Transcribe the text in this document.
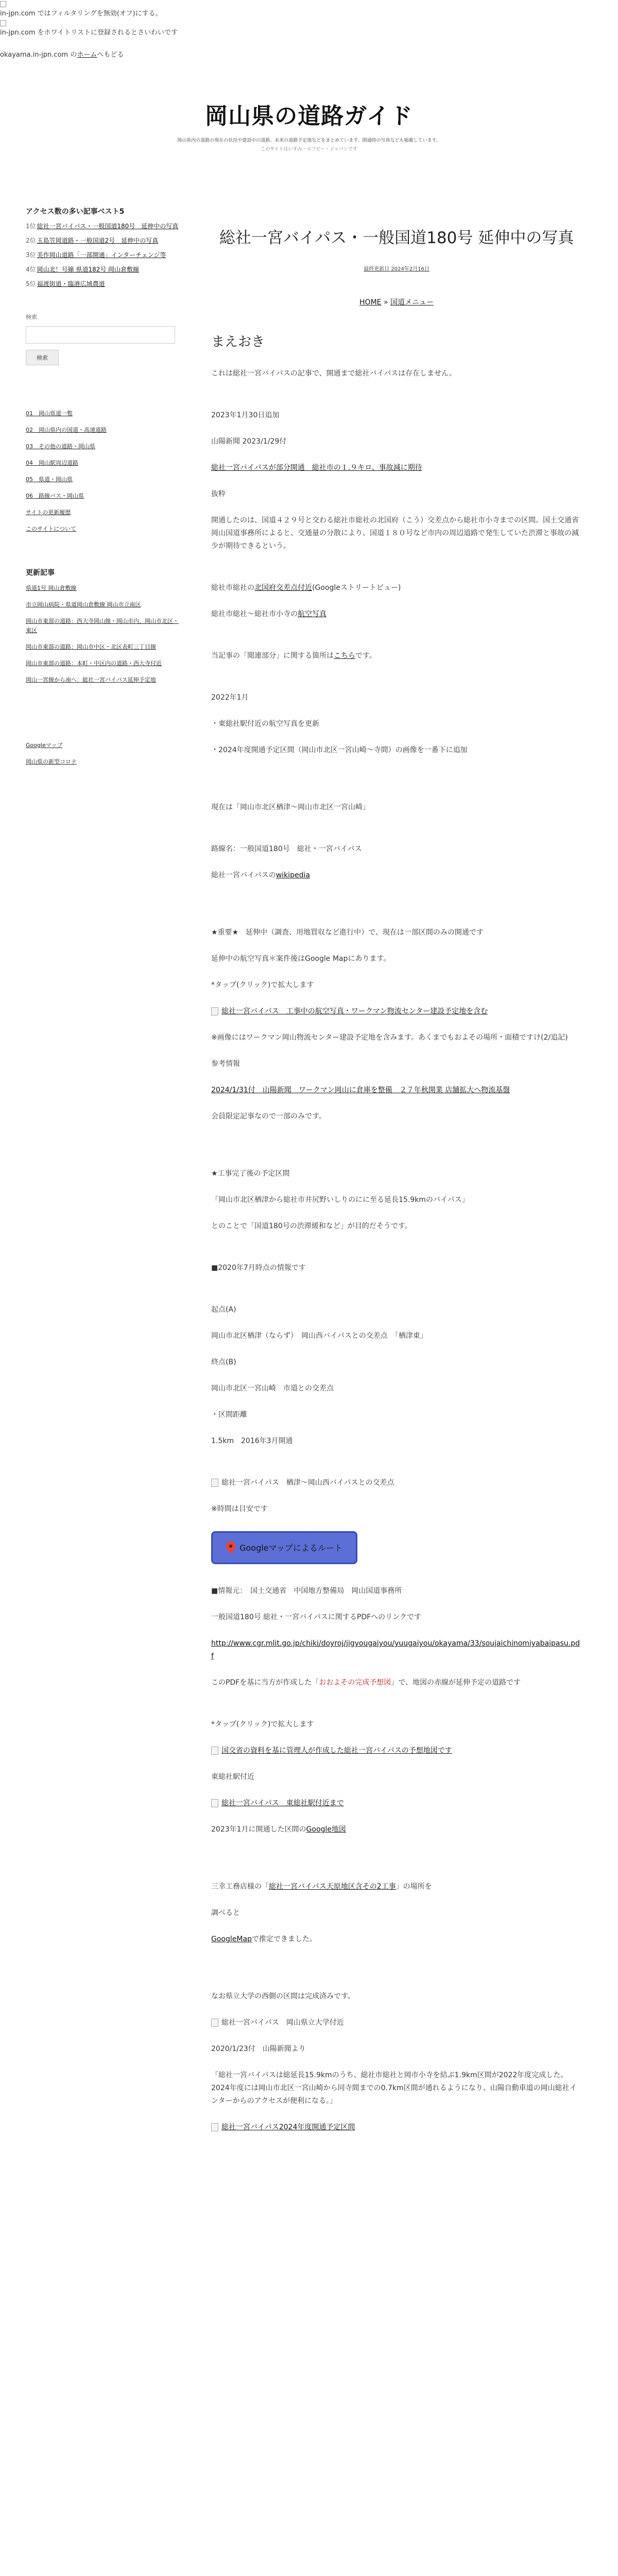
in-jpn.com ではフィルタリングを無効(オフ)にする。
in-jpn.com をホワイトリストに登録されるとさいわいです
okayama.in-jpn.com のホームへもどる
岡山県の道路ガイド
岡山県内の道路の現在の状況や建設中の道路、未来の道路予定地などをまとめています。開通時の写真なども掲載しています。
このサイトはいすみ・エフビー・ジャパンです
アクセス数の多い記事ベスト5
1位 総社一宮バイパス・一般国道180号　延伸中の写真
2位 玉島笠岡道路・一般国道2号　延伸中の写真
3位 美作岡山道路「一部開通」インターチェンジ等
4位 岡山北！号線 県道182号 岡山倉敷線
5位 福渡街道・臨港広域農道
検索

検索
01　岡山県道一覧
02　岡山県内の国道・高速道路
03　その他の道路・岡山県
04　岡山駅周辺道路
05　県道・岡山県
06　路線バス・岡山県
サイトの更新履歴
このサイトについて
更新記事
県道1号 岡山倉敷線
市立岡山病院・県道岡山倉敷線 岡山市立南区
岡山市東部の道路：西大寺岡山線・岡山市内、岡山市北区・東区
岡山市東部の道路：岡山市中区・北区表町三丁目線
岡山市東部の道路：本町・中区内の道路・西大寺付近
岡山一宮線から南へ：総社一宮バイパス延伸予定地
Googleマップ
岡山県の新型コロナ
総社一宮バイパス・一般国道180号 延伸中の写真
最終更新日 2024年2月16日
HOME » 国道メニュー
まえおき

これは総社一宮バイパスの記事で、開通まで総社バイパスは存在しません。

2023年1月30日追加

山陽新聞 2023/1/29付

総社一宮バイパスが部分開通　総社市の１.９キロ、事故減に期待

抜粋

開通したのは、国道４２９号と交わる総社市総社の北国府（こう）交差点から総社市小寺までの区間。国土交通省岡山国道事務所によると、交通量の分散により、国道１８０号など市内の周辺道路で発生していた渋滞と事故の減少が期待できるという。

総社市総社の北国府交差点付近(Googleストリートビュー)

総社市総社～総社市小寺の航空写真

当記事の「閲連部分」に関する箇所はこちらです。

2022年1月

・東総社駅付近の航空写真を更新

・2024年度開通予定区間（岡山市北区一宮山崎～寺間）の画像を一番下に追加

現在は「岡山市北区楢津～岡山市北区一宮山崎」

路線名：一般国道180号　総社・一宮バイパス

総社一宮バイパスのwikipedia

★重要★　延伸中（調査、用地買収など進行中）で、現在は一部区間のみの開通です

延伸中の航空写真＊案件後はGoogle Mapにあります。

*タップ(クリック)で拡大します

総社一宮バイパス　工事中の航空写真・ワークマン物流センター建設予定地を含む

※画像にはワークマン岡山物流センター建設予定地を含みます。あくまでもおよその場所・面積ですけ(2/追記)

参考情報

2024/1/31付　山陽新聞　ワークマン岡山に倉庫を整備　２７年秋開業 店舗拡大へ物流基盤

会員限定記事なので一部のみです。

★工事完了後の予定区間

「岡山市北区楢津から総社市井尻野いしりのにに至る延長15.9kmのバイパス」

とのことで「国道180号の渋滞緩和など」が目的だそうです。

■2020年7月時点の情報です

起点(A)

岡山市北区楢津（ならず）　岡山西バイパスとの交差点　「楢津東」

終点(B)

岡山市北区一宮山崎　市道との交差点

・区間距離

1.5km　2016年3月開通

総社一宮バイパス　楢津～岡山西バイパスとの交差点

※時間は目安です

Googleマップによるルート

■情報元：　国土交通省　中国地方整備局　岡山国道事務所

一般国道180号 総社・一宮バイパスに関するPDFへのリンクです

http://www.cgr.mlit.go.jp/chiki/doyroj/jigyougaiyou/yuugaiyou/okayama/33/soujaichinomiyabaipasu.pdf

このPDFを基に当方が作成した「おおよその完成予想図」で、地図の赤線が延伸予定の道路です

*タップ(クリック)で拡大します

国交省の資料を基に管理人が作成した総社一宮バイパスの予想地図です

東総社駅付近

総社一宮バイパス　東総社駅付近まで

2023年1月に開通した区間のGoogle地図

三幸工務店様の「総社一宮バイパス天原地区含その2工事」の場所を

調べると

GoogleMapで推定できました。

なお県立大学の西側の区間は完成済みです。

総社一宮バイパス　岡山県立大学付近

2020/1/23付　山陽新聞より

「総社一宮バイパスは総延長15.9kmのうち、総社市総社と岡市小寺を結ぶ1.9km区間が2022年度完成した。2024年度には岡山市北区一宮山崎から同寺間までの0.7km区間が通れるようになり、山陽自動車道の岡山総社インターからのアクセスが便利になる。」

総社一宮バイパス2024年度開通予定区間
